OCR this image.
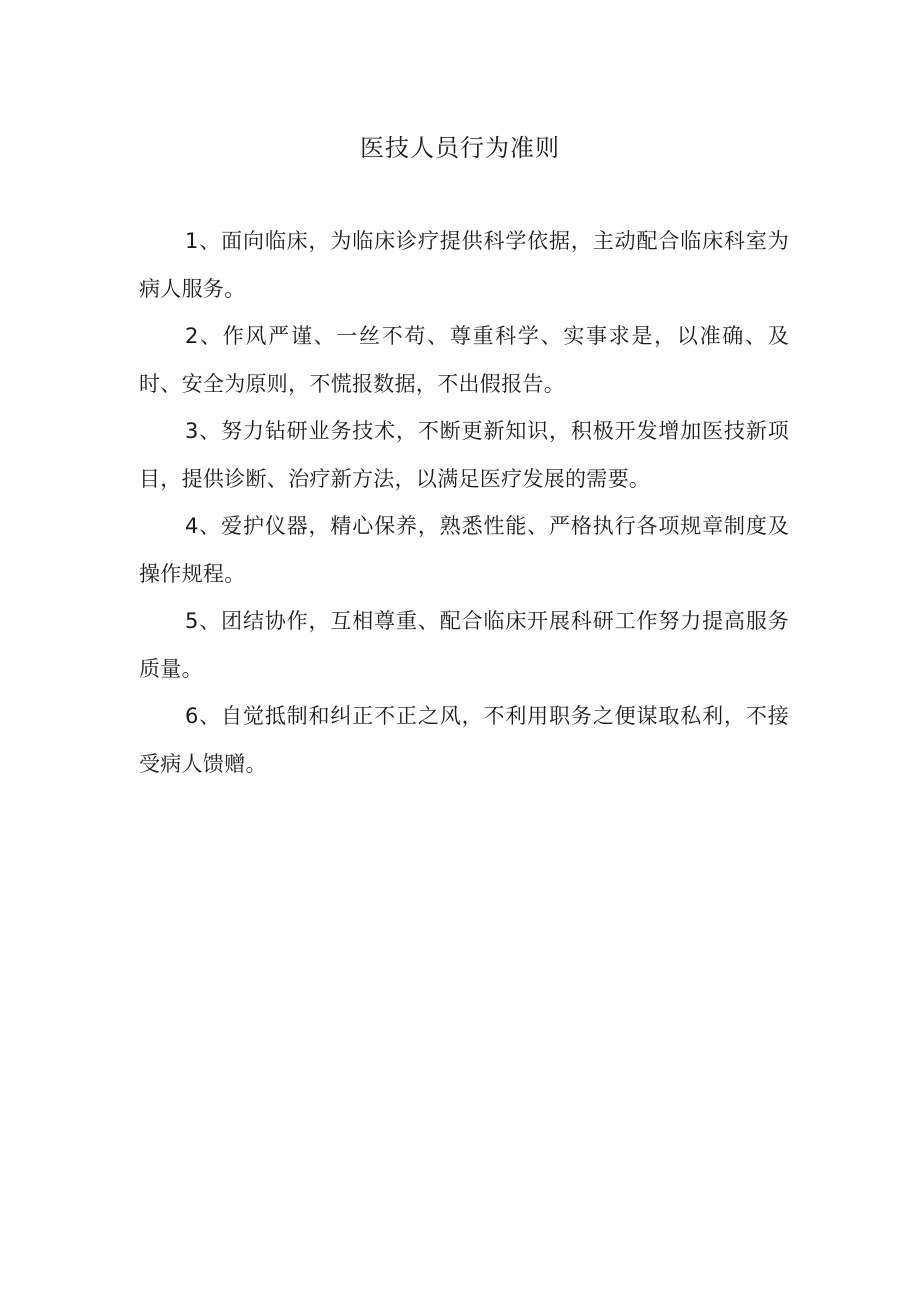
医技人员行为准则

1、面向临床，为临床诊疗提供科学依据，主动配合临床科室为病人服务。

2、作风严谨、一丝不苟、尊重科学、实事求是，以准确、及时、安全为原则，不慌报数据，不出假报告。

3、努力钻研业务技术，不断更新知识，积极开发增加医技新项目，提供诊断、治疗新方法，以满足医疗发展的需要。

4、爱护仪器，精心保养，熟悉性能、严格执行各项规章制度及操作规程。

5、团结协作，互相尊重、配合临床开展科研工作努力提高服务质量。

6、自觉抵制和纠正不正之风，不利用职务之便谋取私利，不接受病人馈赠。
